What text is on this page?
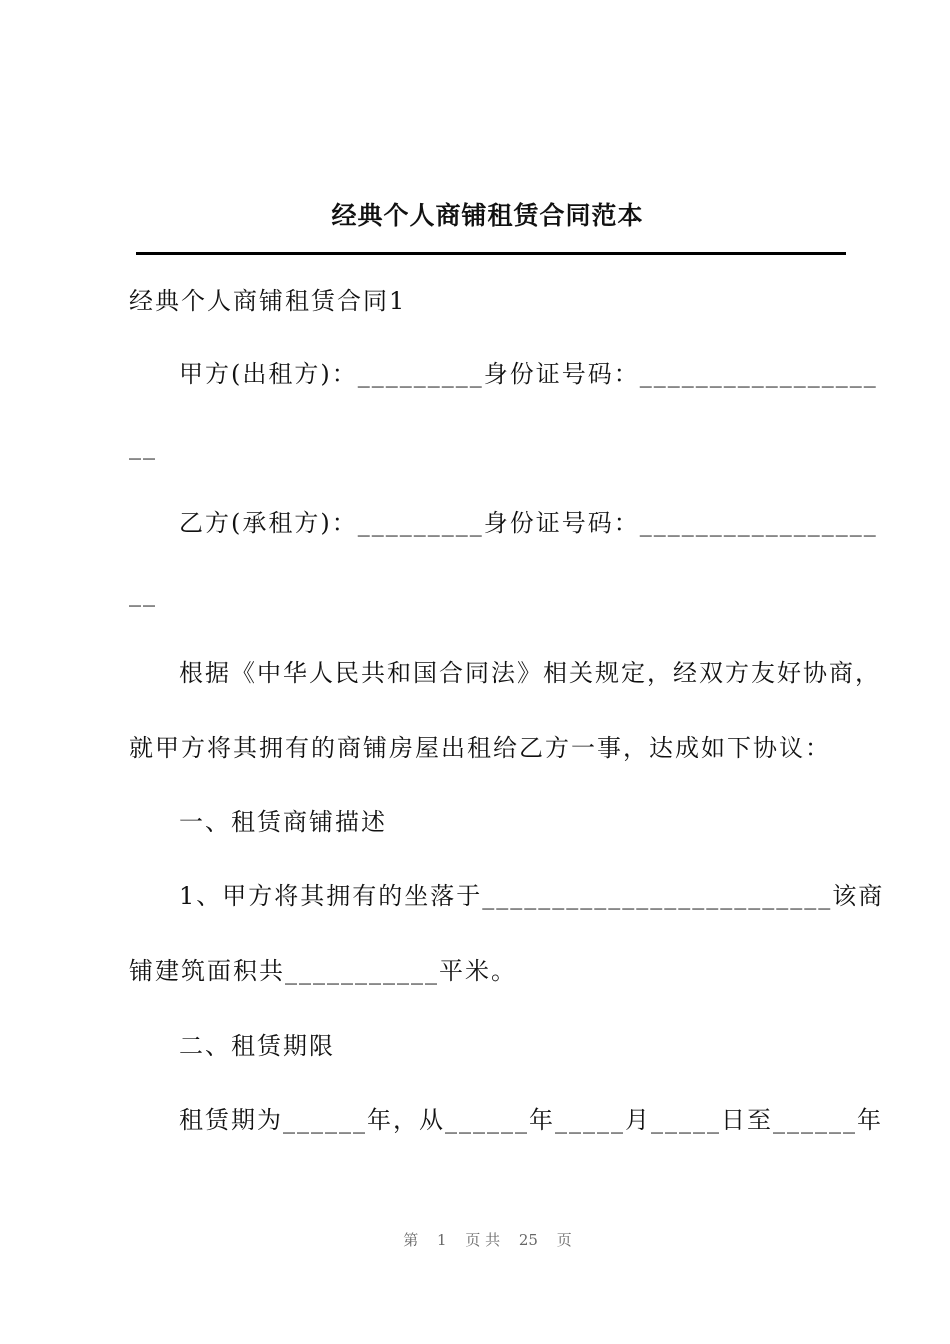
经典个人商铺租赁合同范本
经典个人商铺租赁合同1
甲方(出租方)：_________身份证号码：_________________
__
乙方(承租方)：_________身份证号码：_________________
__
根据《中华人民共和国合同法》相关规定，经双方友好协商，
就甲方将其拥有的商铺房屋出租给乙方一事，达成如下协议：
一、租赁商铺描述
1、甲方将其拥有的坐落于_________________________该商
铺建筑面积共___________平米。
二、租赁期限
租赁期为______年，从______年_____月_____日至______年
第 1 页 共 25 页
